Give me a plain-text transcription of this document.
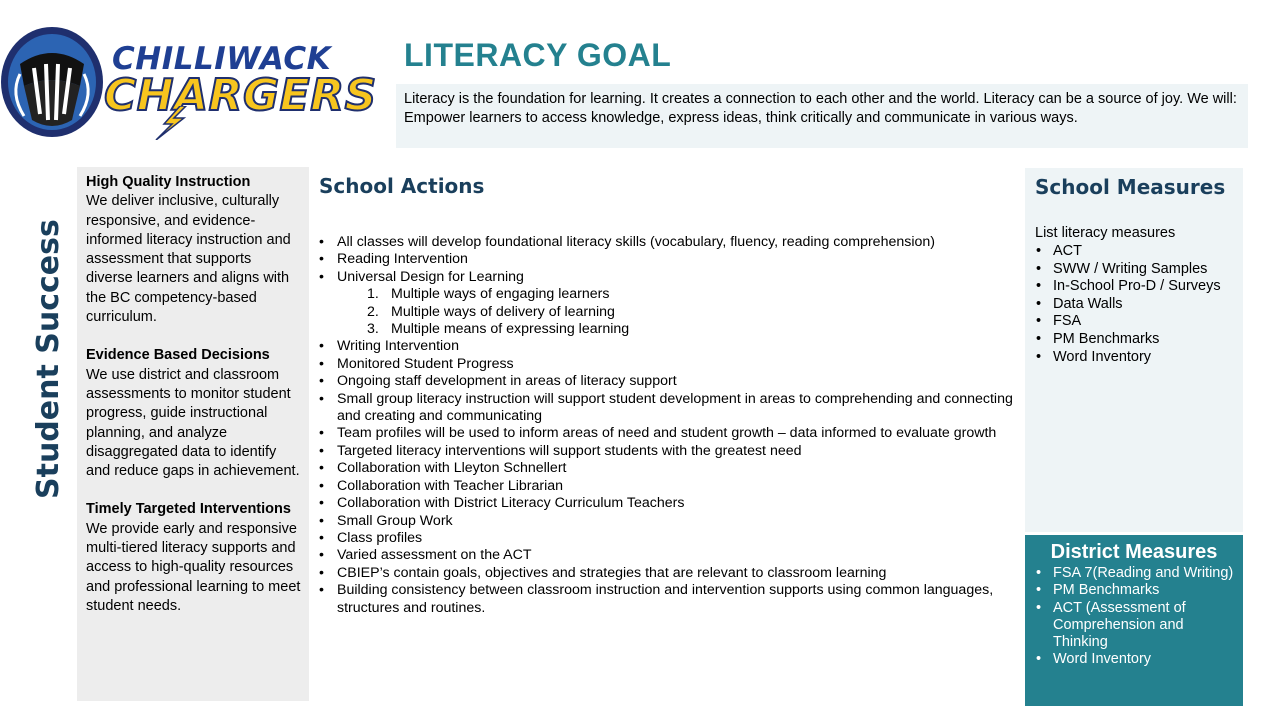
CHILLIWACK
CHARGERS
LITERACY GOAL
Literacy is the foundation for learning. It creates a connection to each other and the world. Literacy can be a source of joy. We will: Empower learners to access knowledge, express ideas, think critically and communicate in various ways.
Student Success
High Quality Instruction
We deliver inclusive, culturally responsive, and evidence-informed literacy instruction and assessment that supports diverse learners and aligns with the BC competency-based curriculum.
Evidence Based Decisions
We use district and classroom assessments to monitor student progress, guide instructional planning, and analyze disaggregated data to identify and reduce gaps in achievement.
Timely Targeted Interventions
We provide early and responsive multi-tiered literacy supports and access to high-quality resources and professional learning to meet student needs.
School Actions
• All classes will develop foundational literacy skills (vocabulary, fluency, reading comprehension)
• Reading Intervention
• Universal Design for Learning
1. Multiple ways of engaging learners
2. Multiple ways of delivery of learning
3. Multiple means of expressing learning
• Writing Intervention
• Monitored Student Progress
• Ongoing staff development in areas of literacy support
• Small group literacy instruction will support student development in areas to comprehending and connecting and creating and communicating
• Team profiles will be used to inform areas of need and student growth – data informed to evaluate growth
• Targeted literacy interventions will support students with the greatest need
• Collaboration with Lleyton Schnellert
• Collaboration with Teacher Librarian
• Collaboration with District Literacy Curriculum Teachers
• Small Group Work
• Class profiles
• Varied assessment on the ACT
• CBIEP’s contain goals, objectives and strategies that are relevant to classroom learning
• Building consistency between classroom instruction and intervention supports using common languages, structures and routines.
School Measures
List literacy measures
• ACT
• SWW / Writing Samples
• In-School Pro-D / Surveys
• Data Walls
• FSA
• PM Benchmarks
• Word Inventory
District Measures
• FSA 7(Reading and Writing)
• PM Benchmarks
• ACT (Assessment of Comprehension and Thinking
• Word Inventory
